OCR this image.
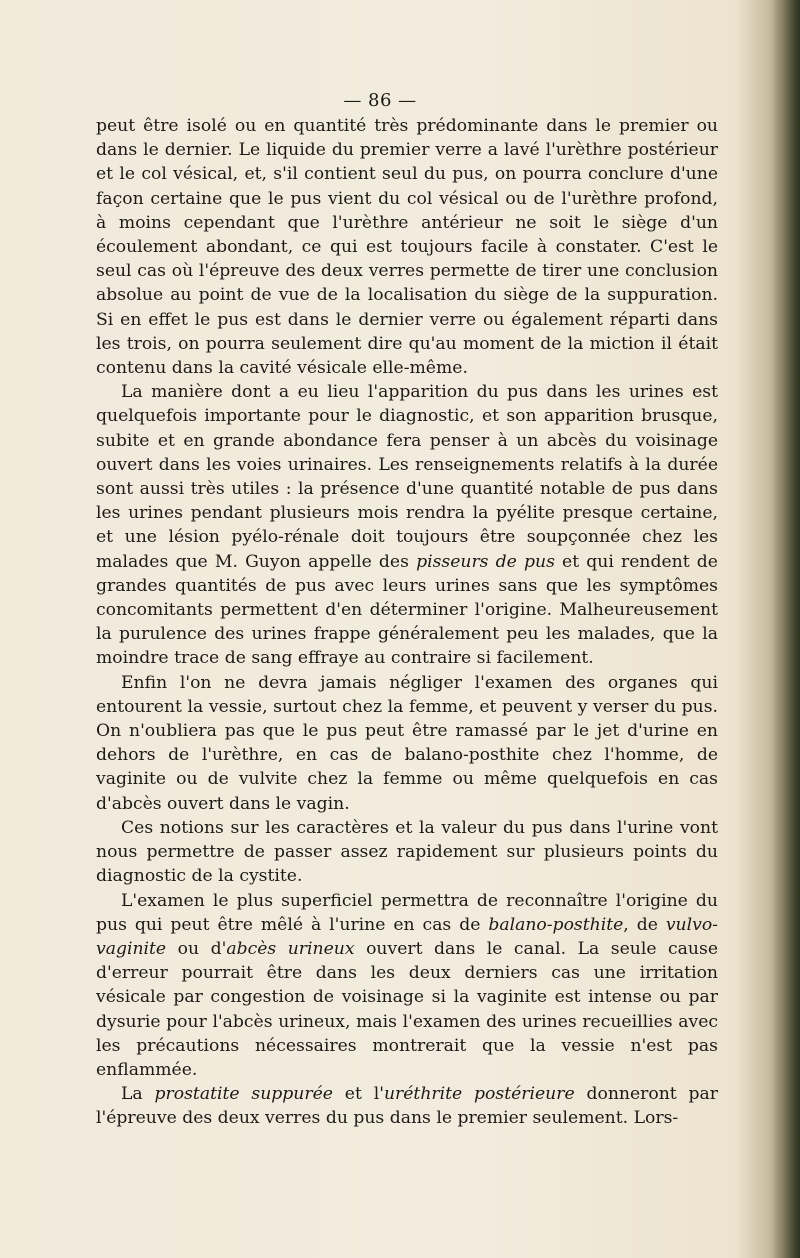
— 86 —

peut être isolé ou en quantité très prédominante dans le premier ou dans le dernier. Le liquide du premier verre a lavé l'urèthre postérieur et le col vésical, et, s'il contient seul du pus, on pourra conclure d'une façon certaine que le pus vient du col vésical ou de l'urèthre profond, à moins cependant que l'urèthre antérieur ne soit le siège d'un écoulement abondant, ce qui est toujours facile à constater. C'est le seul cas où l'épreuve des deux verres permette de tirer une conclusion absolue au point de vue de la localisation du siège de la suppuration. Si en effet le pus est dans le dernier verre ou également réparti dans les trois, on pourra seulement dire qu'au moment de la miction il était contenu dans la cavité vésicale elle-même.

La manière dont a eu lieu l'apparition du pus dans les urines est quelquefois importante pour le diagnostic, et son apparition brusque, subite et en grande abondance fera penser à un abcès du voisinage ouvert dans les voies urinaires. Les renseignements relatifs à la durée sont aussi très utiles : la présence d'une quantité notable de pus dans les urines pendant plusieurs mois rendra la pyélite presque certaine, et une lésion pyélo-rénale doit toujours être soupçonnée chez les malades que M. Guyon appelle des pisseurs de pus et qui rendent de grandes quantités de pus avec leurs urines sans que les symptômes concomitants permettent d'en déterminer l'origine. Malheureusement la purulence des urines frappe généralement peu les malades, que la moindre trace de sang effraye au contraire si facilement.

Enfin l'on ne devra jamais négliger l'examen des organes qui entourent la vessie, surtout chez la femme, et peuvent y verser du pus. On n'oubliera pas que le pus peut être ramassé par le jet d'urine en dehors de l'urèthre, en cas de balano-posthite chez l'homme, de vaginite ou de vulvite chez la femme ou même quelquefois en cas d'abcès ouvert dans le vagin.

Ces notions sur les caractères et la valeur du pus dans l'urine vont nous permettre de passer assez rapidement sur plusieurs points du diagnostic de la cystite.

L'examen le plus superficiel permettra de reconnaître l'origine du pus qui peut être mêlé à l'urine en cas de balano-posthite, de vulvo-vaginite ou d'abcès urineux ouvert dans le canal. La seule cause d'erreur pourrait être dans les deux derniers cas une irritation vésicale par congestion de voisinage si la vaginite est intense ou par dysurie pour l'abcès urineux, mais l'examen des urines recueillies avec les précautions nécessaires montrerait que la vessie n'est pas enflammée.

La prostatite suppurée et l'uréthrite postérieure donneront par l'épreuve des deux verres du pus dans le premier seulement. Lors-
